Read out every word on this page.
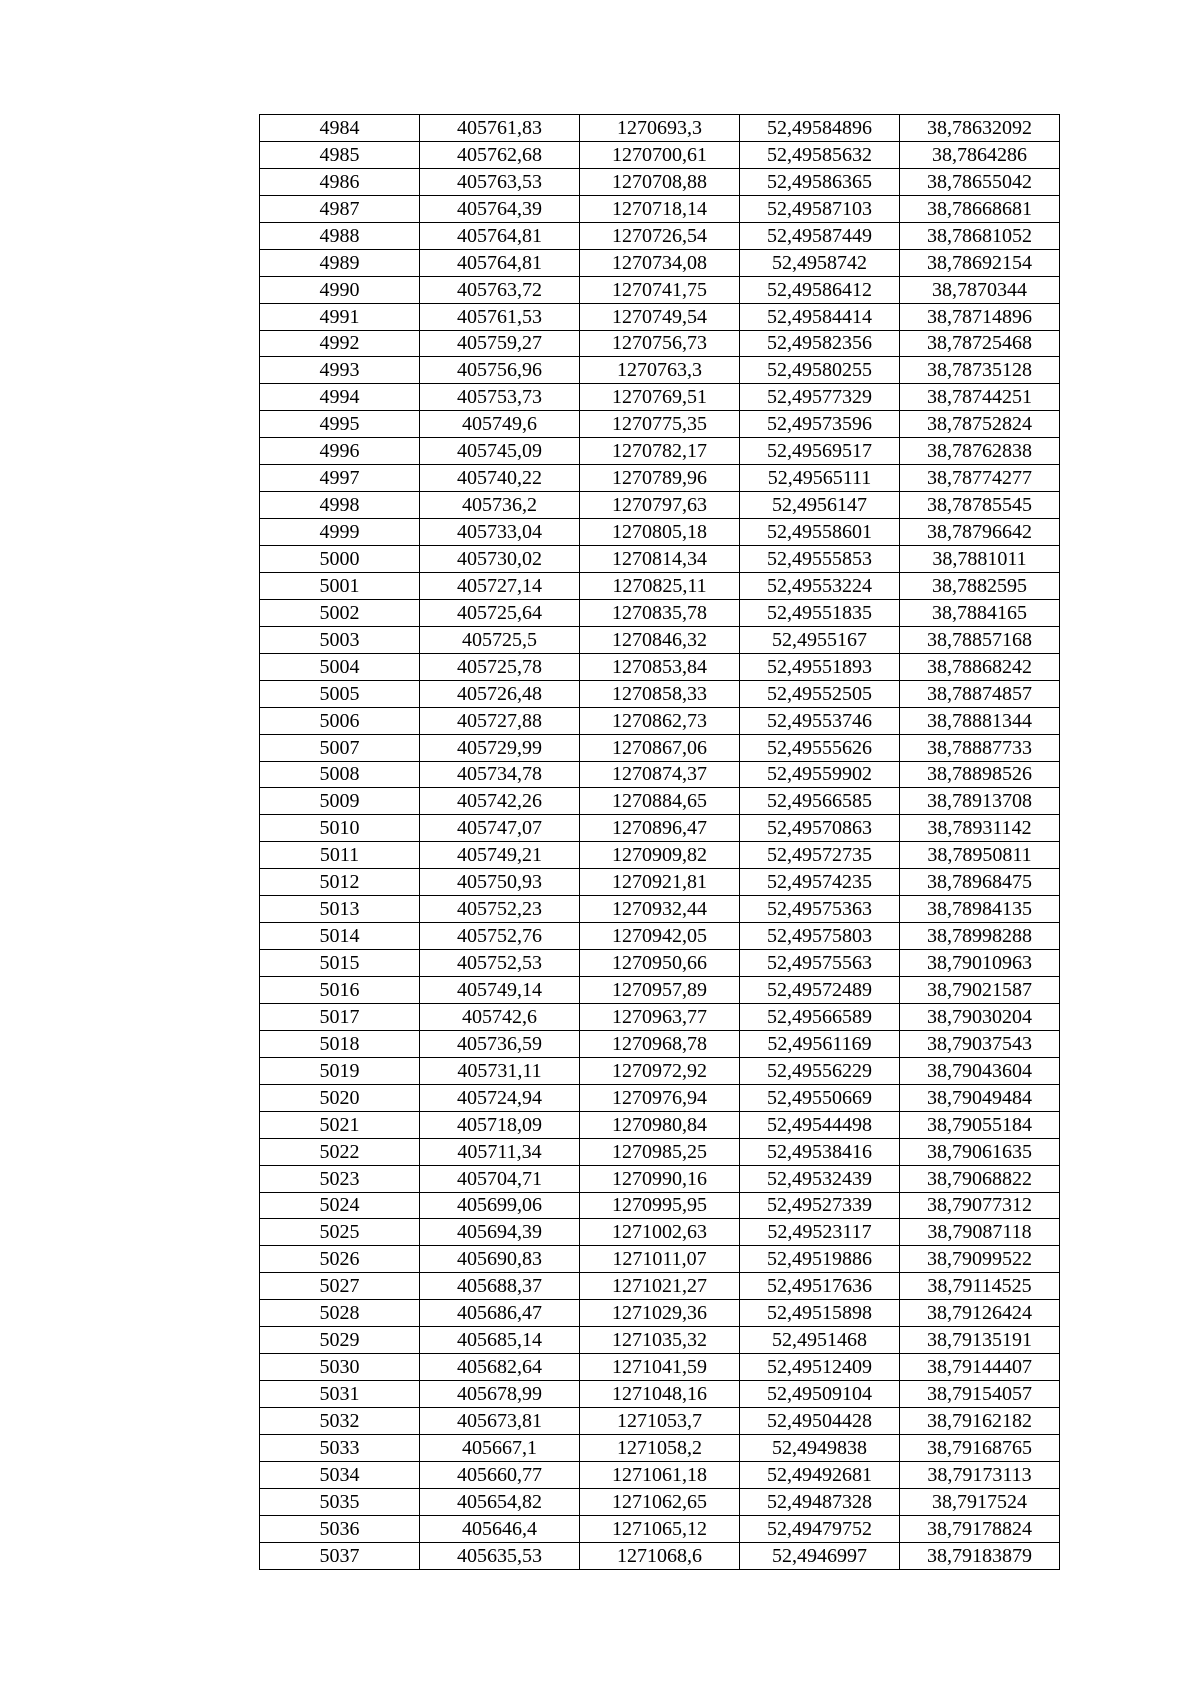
4984	405761,83	1270693,3	52,49584896	38,78632092
4985	405762,68	1270700,61	52,49585632	38,7864286
4986	405763,53	1270708,88	52,49586365	38,78655042
4987	405764,39	1270718,14	52,49587103	38,78668681
4988	405764,81	1270726,54	52,49587449	38,78681052
4989	405764,81	1270734,08	52,4958742	38,78692154
4990	405763,72	1270741,75	52,49586412	38,7870344
4991	405761,53	1270749,54	52,49584414	38,78714896
4992	405759,27	1270756,73	52,49582356	38,78725468
4993	405756,96	1270763,3	52,49580255	38,78735128
4994	405753,73	1270769,51	52,49577329	38,78744251
4995	405749,6	1270775,35	52,49573596	38,78752824
4996	405745,09	1270782,17	52,49569517	38,78762838
4997	405740,22	1270789,96	52,49565111	38,78774277
4998	405736,2	1270797,63	52,4956147	38,78785545
4999	405733,04	1270805,18	52,49558601	38,78796642
5000	405730,02	1270814,34	52,49555853	38,7881011
5001	405727,14	1270825,11	52,49553224	38,7882595
5002	405725,64	1270835,78	52,49551835	38,7884165
5003	405725,5	1270846,32	52,4955167	38,78857168
5004	405725,78	1270853,84	52,49551893	38,78868242
5005	405726,48	1270858,33	52,49552505	38,78874857
5006	405727,88	1270862,73	52,49553746	38,78881344
5007	405729,99	1270867,06	52,49555626	38,78887733
5008	405734,78	1270874,37	52,49559902	38,78898526
5009	405742,26	1270884,65	52,49566585	38,78913708
5010	405747,07	1270896,47	52,49570863	38,78931142
5011	405749,21	1270909,82	52,49572735	38,78950811
5012	405750,93	1270921,81	52,49574235	38,78968475
5013	405752,23	1270932,44	52,49575363	38,78984135
5014	405752,76	1270942,05	52,49575803	38,78998288
5015	405752,53	1270950,66	52,49575563	38,79010963
5016	405749,14	1270957,89	52,49572489	38,79021587
5017	405742,6	1270963,77	52,49566589	38,79030204
5018	405736,59	1270968,78	52,49561169	38,79037543
5019	405731,11	1270972,92	52,49556229	38,79043604
5020	405724,94	1270976,94	52,49550669	38,79049484
5021	405718,09	1270980,84	52,49544498	38,79055184
5022	405711,34	1270985,25	52,49538416	38,79061635
5023	405704,71	1270990,16	52,49532439	38,79068822
5024	405699,06	1270995,95	52,49527339	38,79077312
5025	405694,39	1271002,63	52,49523117	38,79087118
5026	405690,83	1271011,07	52,49519886	38,79099522
5027	405688,37	1271021,27	52,49517636	38,79114525
5028	405686,47	1271029,36	52,49515898	38,79126424
5029	405685,14	1271035,32	52,4951468	38,79135191
5030	405682,64	1271041,59	52,49512409	38,79144407
5031	405678,99	1271048,16	52,49509104	38,79154057
5032	405673,81	1271053,7	52,49504428	38,79162182
5033	405667,1	1271058,2	52,4949838	38,79168765
5034	405660,77	1271061,18	52,49492681	38,79173113
5035	405654,82	1271062,65	52,49487328	38,7917524
5036	405646,4	1271065,12	52,49479752	38,79178824
5037	405635,53	1271068,6	52,4946997	38,79183879
